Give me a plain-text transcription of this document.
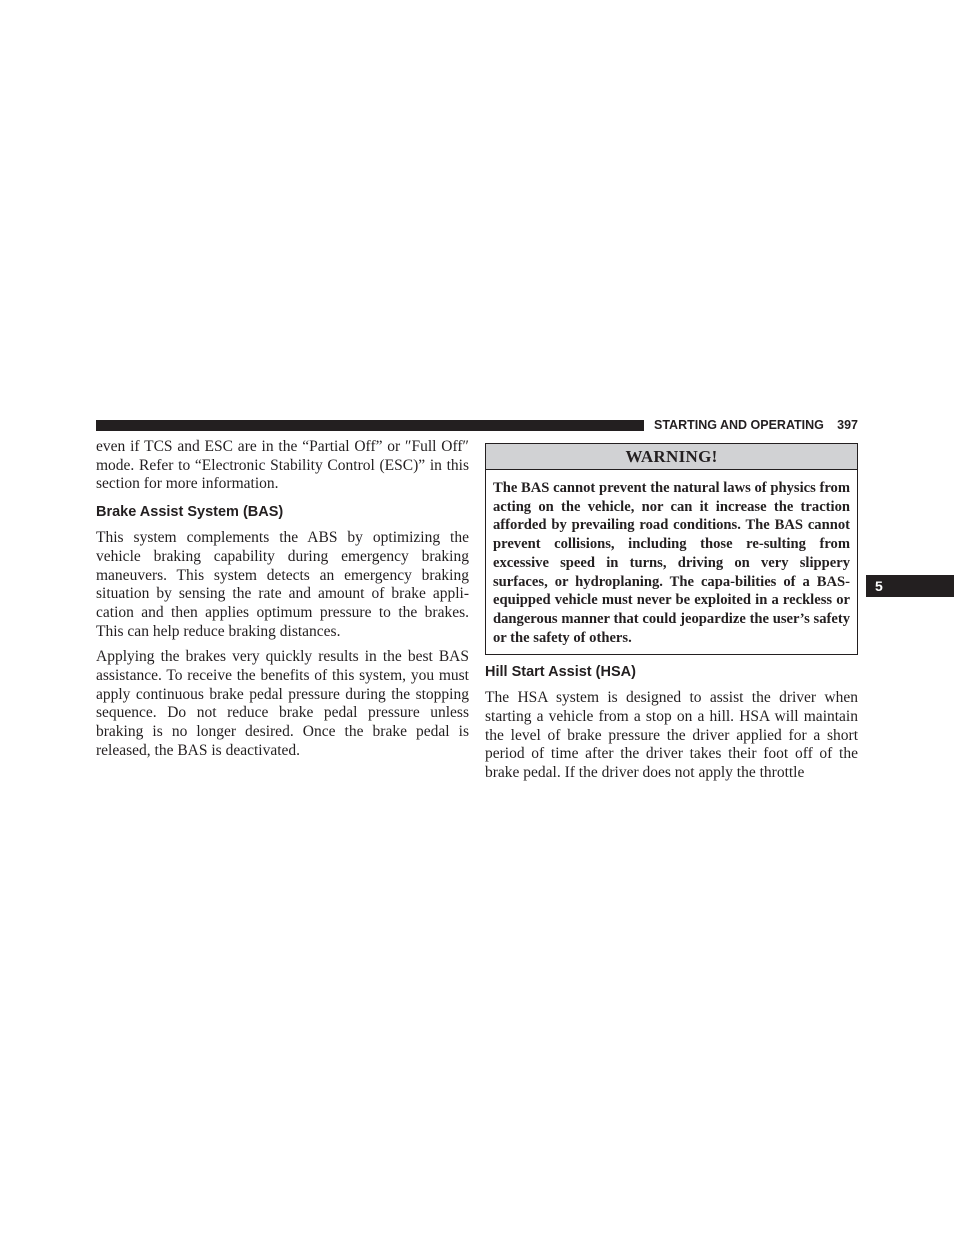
STARTING AND OPERATING 397
5

even if TCS and ESC are in the “Partial Off” or ″Full Off″ mode. Refer to “Electronic Stability Control (ESC)” in this section for more information.

Brake Assist System (BAS)

This system complements the ABS by optimizing the vehicle braking capability during emergency braking maneuvers. This system detects an emergency braking situation by sensing the rate and amount of brake appli-cation and then applies optimum pressure to the brakes. This can help reduce braking distances.

Applying the brakes very quickly results in the best BAS assistance. To receive the benefits of this system, you must apply continuous brake pedal pressure during the stopping sequence. Do not reduce brake pedal pressure unless braking is no longer desired. Once the brake pedal is released, the BAS is deactivated.

WARNING!
The BAS cannot prevent the natural laws of physics from acting on the vehicle, nor can it increase the traction afforded by prevailing road conditions. The BAS cannot prevent collisions, including those re-sulting from excessive speed in turns, driving on very slippery surfaces, or hydroplaning. The capa-bilities of a BAS-equipped vehicle must never be exploited in a reckless or dangerous manner that could jeopardize the user’s safety or the safety of others.
Hill Start Assist (HSA)

The HSA system is designed to assist the driver when starting a vehicle from a stop on a hill. HSA will maintain the level of brake pressure the driver applied for a short period of time after the driver takes their foot off of the brake pedal. If the driver does not apply the throttle
